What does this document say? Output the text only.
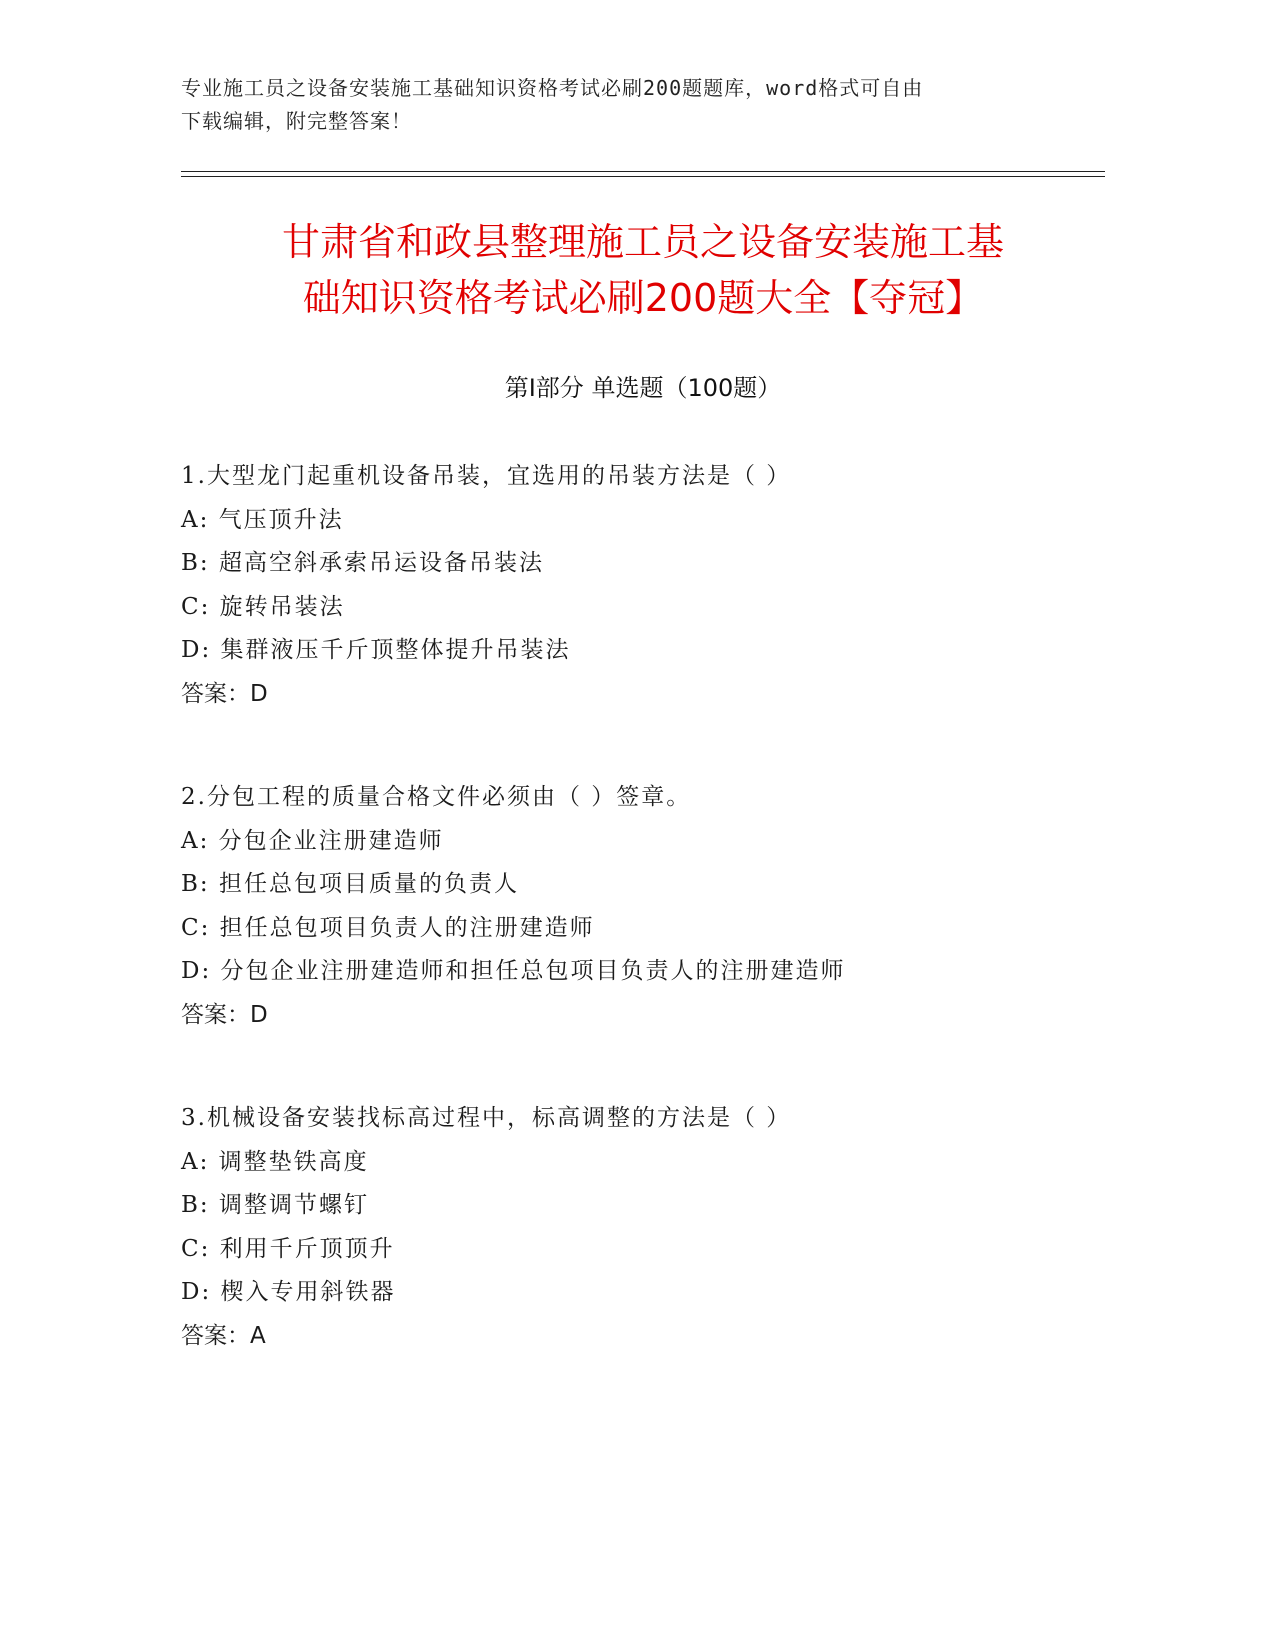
专业施工员之设备安装施工基础知识资格考试必刷200题题库，word格式可自由
下载编辑，附完整答案！
甘肃省和政县整理施工员之设备安装施工基
础知识资格考试必刷200题大全【夺冠】
第I部分 单选题（100题）
1.大型龙门起重机设备吊装，宜选用的吊装方法是（ ）
A: 气压顶升法
B: 超高空斜承索吊运设备吊装法
C: 旋转吊装法
D: 集群液压千斤顶整体提升吊装法
答案：D
2.分包工程的质量合格文件必须由（ ）签章。
A: 分包企业注册建造师
B: 担任总包项目质量的负责人
C: 担任总包项目负责人的注册建造师
D: 分包企业注册建造师和担任总包项目负责人的注册建造师
答案：D
3.机械设备安装找标高过程中，标高调整的方法是（ ）
A: 调整垫铁高度
B: 调整调节螺钉
C: 利用千斤顶顶升
D: 楔入专用斜铁器
答案：A
